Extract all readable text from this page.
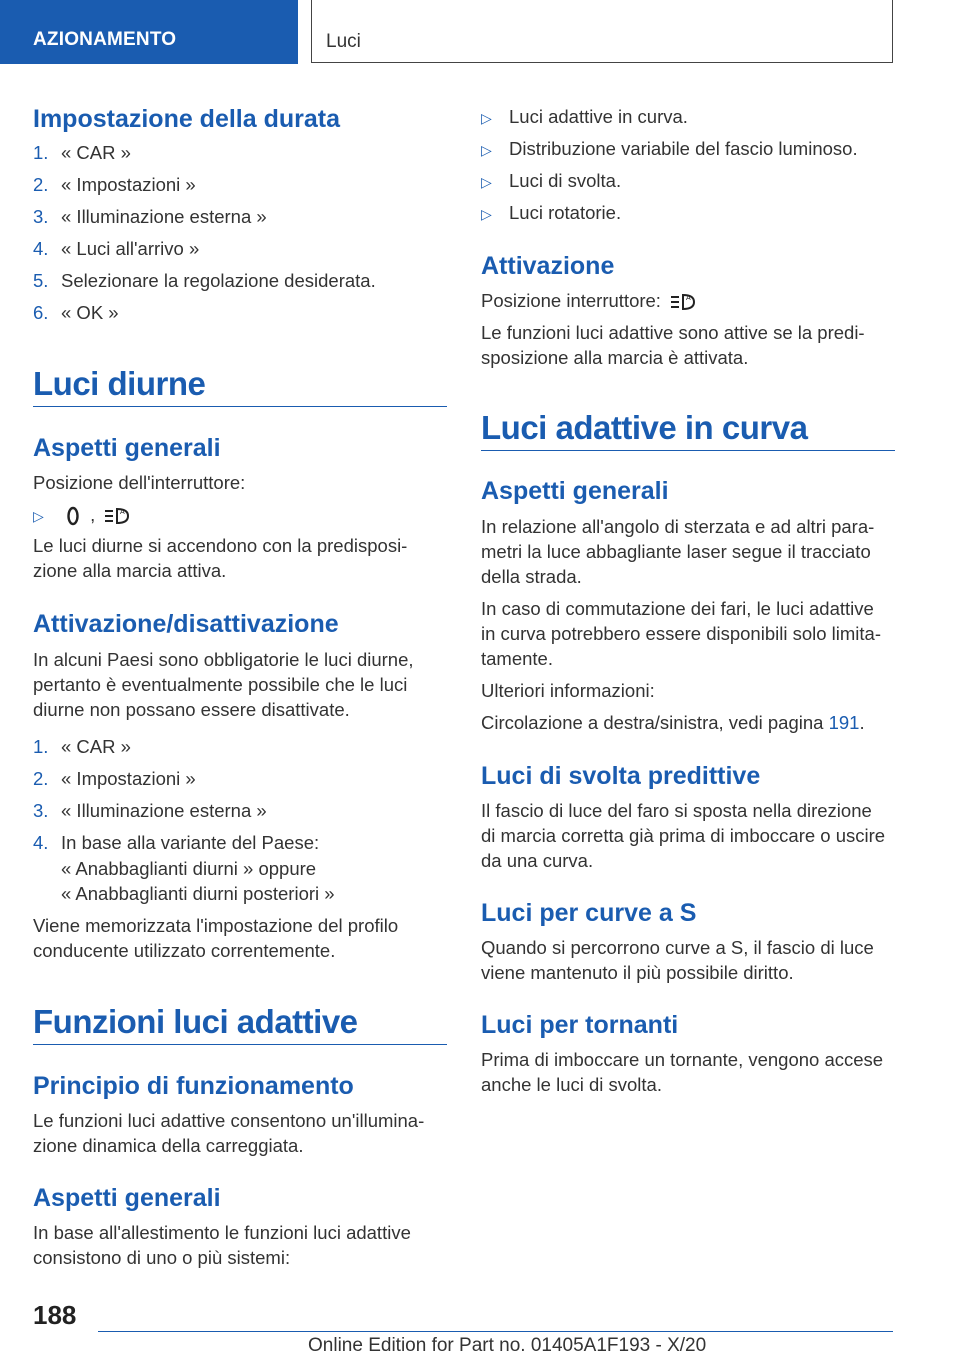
AZIONAMENTO	Luci
Impostazione della durata
1. « CAR »
2. « Impostazioni »
3. « Illuminazione esterna »
4. « Luci all'arrivo »
5. Selezionare la regolazione desiderata.
6. « OK »
Luci diurne
Aspetti generali
Posizione dell'interruttore:
▷	,	A
Le luci diurne si accendono con la predisposi-
zione alla marcia attiva.
Attivazione/disattivazione
In alcuni Paesi sono obbligatorie le luci diurne,
pertanto è eventualmente possibile che le luci
diurne non possano essere disattivate.
1. « CAR »
2. « Impostazioni »
3. « Illuminazione esterna »
4. In base alla variante del Paese:
« Anabbaglianti diurni » oppure
« Anabbaglianti diurni posteriori »
Viene memorizzata l'impostazione del profilo
conducente utilizzato correntemente.
Funzioni luci adattive
Principio di funzionamento
Le funzioni luci adattive consentono un'illumina-
zione dinamica della carreggiata.
Aspetti generali
In base all'allestimento le funzioni luci adattive
consistono di uno o più sistemi:
▷ Luci adattive in curva.
▷ Distribuzione variabile del fascio luminoso.
▷ Luci di svolta.
▷ Luci rotatorie.
Attivazione
Posizione interruttore:	A
Le funzioni luci adattive sono attive se la predi-
sposizione alla marcia è attivata.
Luci adattive in curva
Aspetti generali
In relazione all'angolo di sterzata e ad altri para-
metri la luce abbagliante laser segue il tracciato
della strada.
In caso di commutazione dei fari, le luci adattive
in curva potrebbero essere disponibili solo limita-
tamente.
Ulteriori informazioni:
Circolazione a destra/sinistra, vedi pagina 191.
Luci di svolta predittive
Il fascio di luce del faro si sposta nella direzione
di marcia corretta già prima di imboccare o uscire
da una curva.
Luci per curve a S
Quando si percorrono curve a S, il fascio di luce
viene mantenuto il più possibile diritto.
Luci per tornanti
Prima di imboccare un tornante, vengono accese
anche le luci di svolta.
188
Online Edition for Part no. 01405A1F193 - X/20
